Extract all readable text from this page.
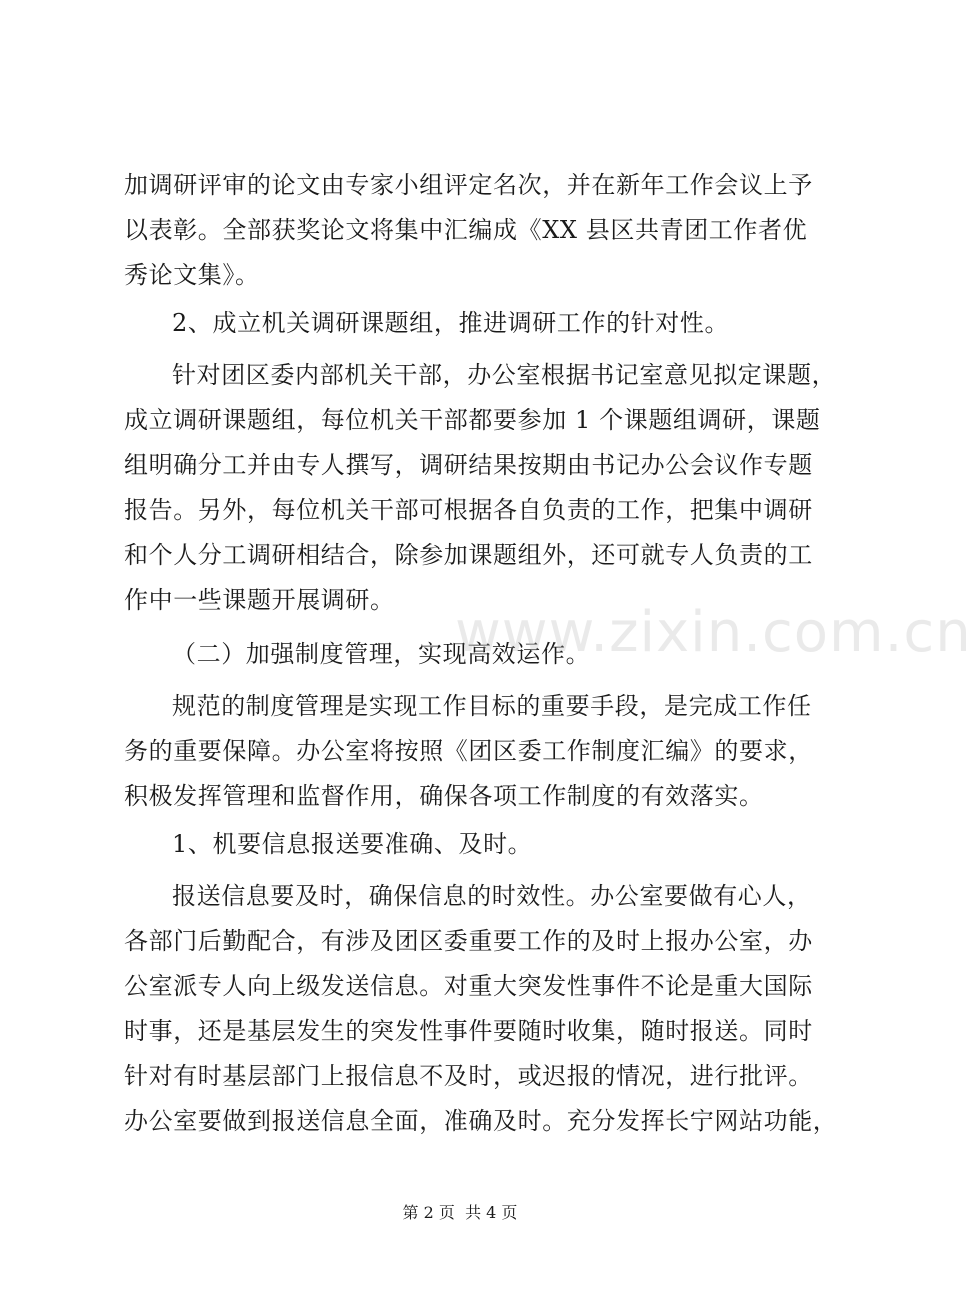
加调研评审的论文由专家小组评定名次，并在新年工作会议上予
以表彰。全部获奖论文将集中汇编成《XX 县区共青团工作者优
秀论文集》。
2、成立机关调研课题组，推进调研工作的针对性。
针对团区委内部机关干部，办公室根据书记室意见拟定课题，
成立调研课题组，每位机关干部都要参加 1 个课题组调研，课题
组明确分工并由专人撰写，调研结果按期由书记办公会议作专题
报告。另外，每位机关干部可根据各自负责的工作，把集中调研
和个人分工调研相结合，除参加课题组外，还可就专人负责的工
作中一些课题开展调研。
（二）加强制度管理，实现高效运作。
规范的制度管理是实现工作目标的重要手段，是完成工作任
务的重要保障。办公室将按照《团区委工作制度汇编》的要求，
积极发挥管理和监督作用，确保各项工作制度的有效落实。
1、机要信息报送要准确、及时。
报送信息要及时，确保信息的时效性。办公室要做有心人，
各部门后勤配合，有涉及团区委重要工作的及时上报办公室，办
公室派专人向上级发送信息。对重大突发性事件不论是重大国际
时事，还是基层发生的突发性事件要随时收集，随时报送。同时
针对有时基层部门上报信息不及时，或迟报的情况，进行批评。
办公室要做到报送信息全面，准确及时。充分发挥长宁网站功能，
www.zixin.com.cn
第 2 页  共 4 页
